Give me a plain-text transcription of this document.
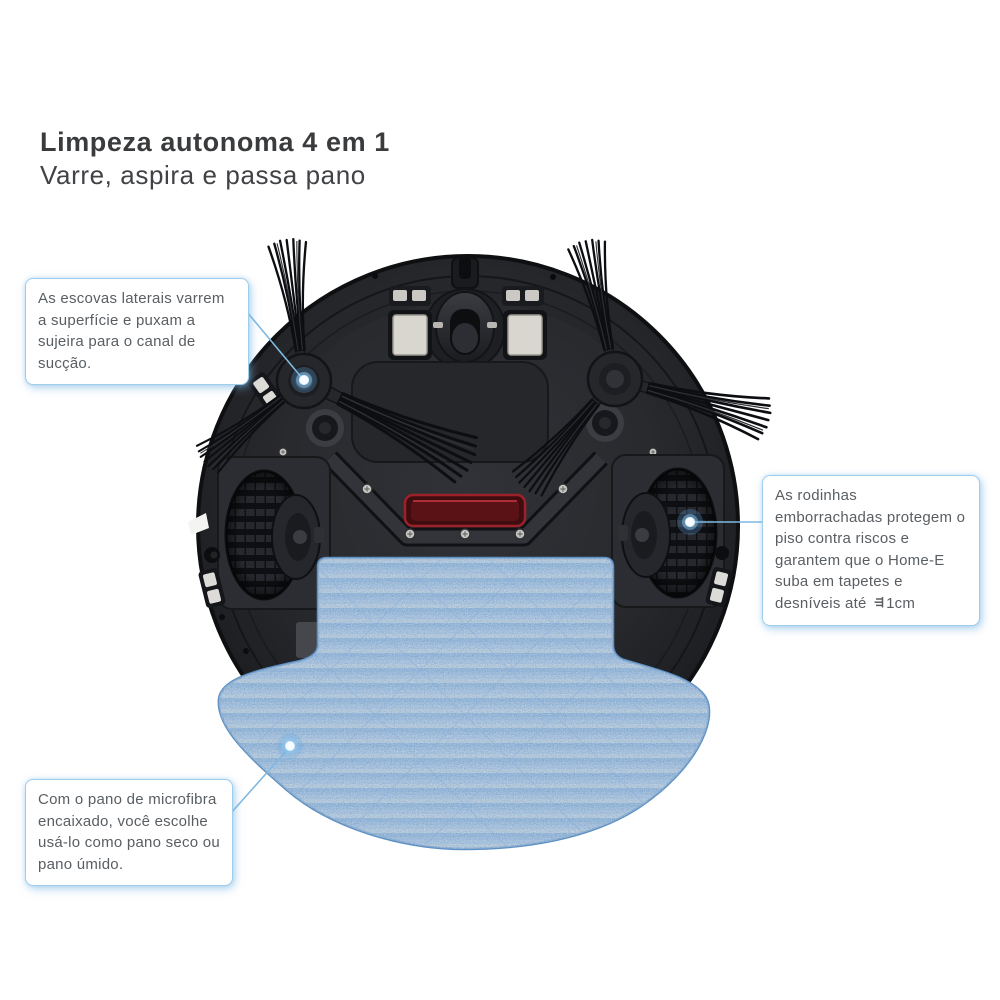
Limpeza autonoma 4 em 1
Varre, aspira e passa pano
As escovas laterais varrem a superfície e puxam a sujeira para o canal de sucção.
As rodinhas emborrachadas protegem o piso contra riscos e garantem que o Home-E suba em tapetes e desníveis até 1cm
Com o pano de microfibra encaixado, você escolhe usá-lo como pano seco ou pano úmido.
